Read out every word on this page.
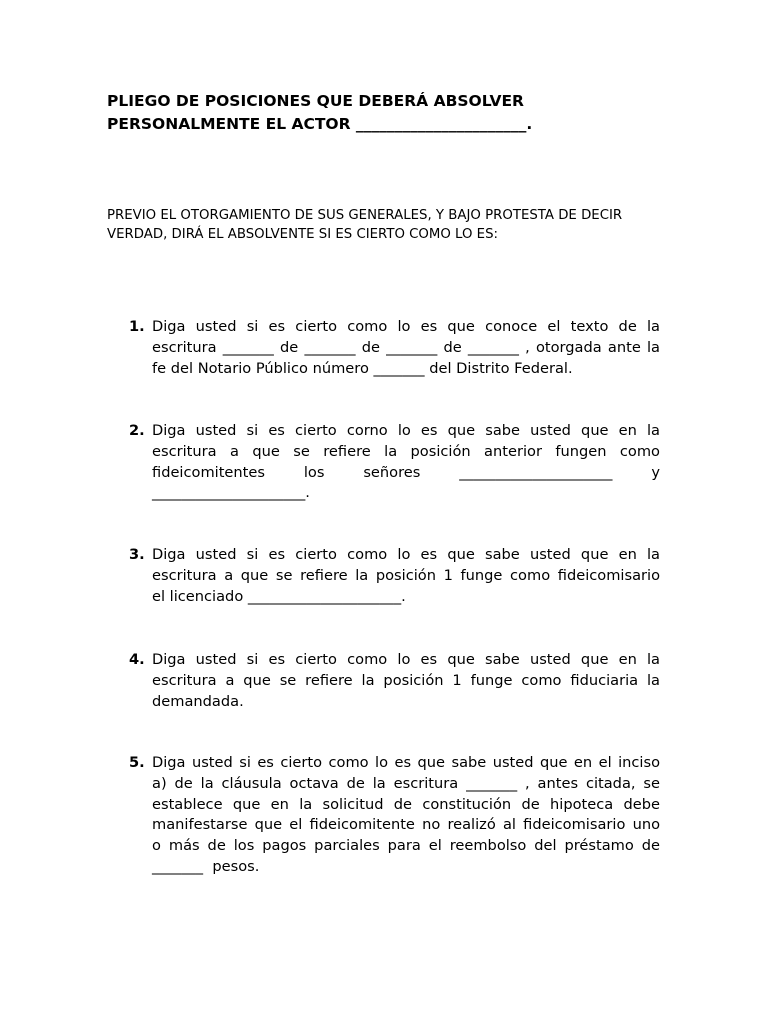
PLIEGO DE POSICIONES QUE DEBERÁ ABSOLVER
PERSONALMENTE EL ACTOR ______________________.

PREVIO EL OTORGAMIENTO DE SUS GENERALES, Y BAJO PROTESTA DE DECIR
VERDAD, DIRÁ EL ABSOLVENTE SI ES CIERTO COMO LO ES:

1. Diga usted si es cierto como lo es que conoce el texto de la
escritura _______ de _______ de _______ de _______ , otorgada ante la
fe del Notario Público número _______ del Distrito Federal.

2. Diga usted si es cierto corno lo es que sabe usted que en la
escritura a que se refiere la posición anterior fungen como
fideicomitentes los señores _____________________ y
_____________________.

3. Diga usted si es cierto como lo es que sabe usted que en la
escritura a que se refiere la posición 1 funge como fideicomisario
el licenciado _____________________.

4. Diga usted si es cierto como lo es que sabe usted que en la
escritura a que se refiere la posición 1 funge como fiduciaria la
demandada.

5. Diga usted si es cierto como lo es que sabe usted que en el inciso
a) de la cláusula octava de la escritura _______ , antes citada, se
establece que en la solicitud de constitución de hipoteca debe
manifestarse que el fideicomitente no realizó al fideicomisario uno
o más de los pagos parciales para el reembolso del préstamo de
_______  pesos.
